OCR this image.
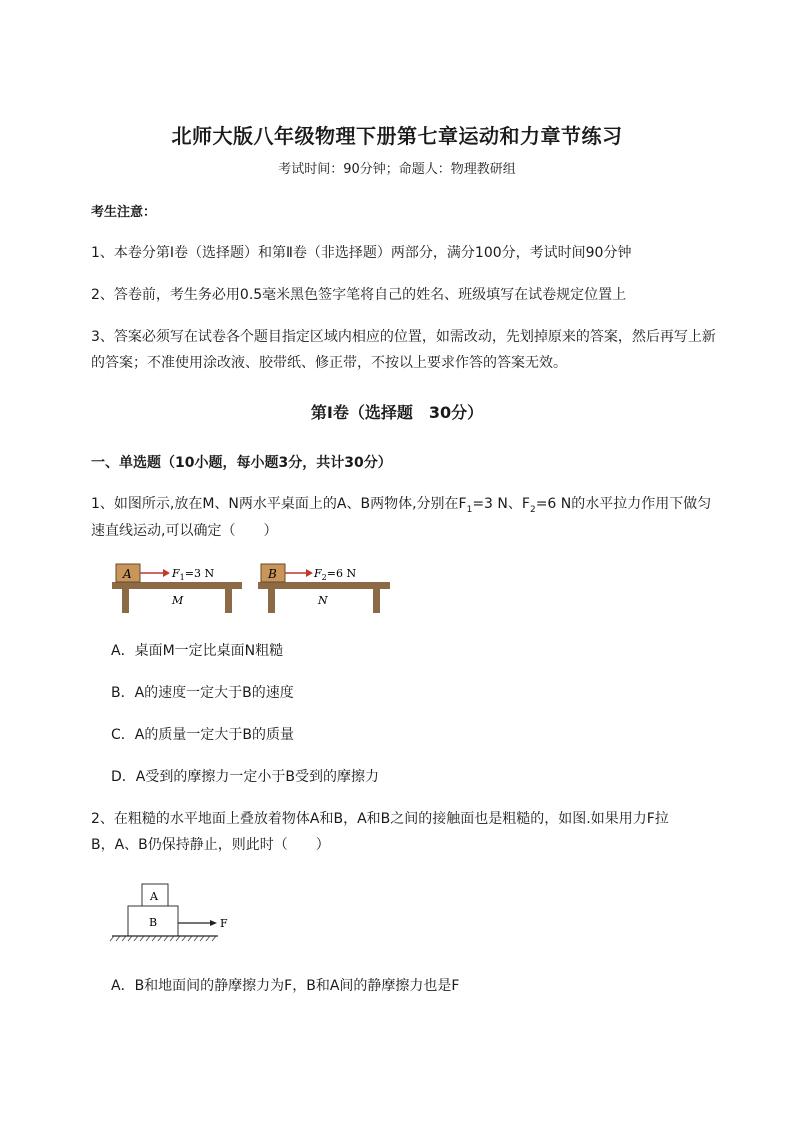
北师大版八年级物理下册第七章运动和力章节练习
考试时间：90分钟；命题人：物理教研组
考生注意：
1、本卷分第I卷（选择题）和第Ⅱ卷（非选择题）两部分，满分100分，考试时间90分钟
2、答卷前，考生务必用0.5毫米黑色签字笔将自己的姓名、班级填写在试卷规定位置上
3、答案必须写在试卷各个题目指定区域内相应的位置，如需改动，先划掉原来的答案，然后再写上新
的答案；不准使用涂改液、胶带纸、修正带，不按以上要求作答的答案无效。
第I卷（选择题　30分）
一、单选题（10小题，每小题3分，共计30分）
1、如图所示,放在M、N两水平桌面上的A、B两物体,分别在$F_1=3$ N、$F_2=6$ N的水平拉力作用下做匀
速直线运动,可以确定（　　）
A	$F_1=3$ N
M
B	$F_2=6$ N
N
A．桌面M一定比桌面N粗糙
B．A的速度一定大于B的速度
C．A的质量一定大于B的质量
D．A受到的摩擦力一定小于B受到的摩擦力
2、在粗糙的水平地面上叠放着物体A和B，A和B之间的接触面也是粗糙的，如图.如果用力F拉
B，A、B仍保持静止，则此时（　　）
A
B	F
A．B和地面间的静摩擦力为F，B和A间的静摩擦力也是F
